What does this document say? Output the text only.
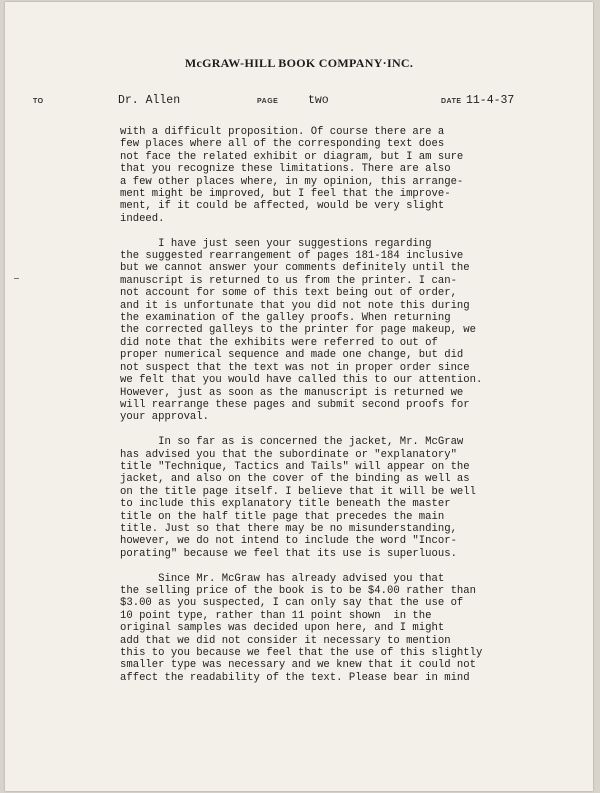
McGRAW-HILL BOOK COMPANY·INC.
TO	Dr. Allen	PAGE	two	DATE 11-4-37
with a difficult proposition. Of course there are a
few places where all of the corresponding text does
not face the related exhibit or diagram, but I am sure
that you recognize these limitations. There are also
a few other places where, in my opinion, this arrange-
ment might be improved, but I feel that the improve-
ment, if it could be affected, would be very slight
indeed.
I have just seen your suggestions regarding
the suggested rearrangement of pages 181-184 inclusive
but we cannot answer your comments definitely until the
manuscript is returned to us from the printer. I can-
not account for some of this text being out of order,
and it is unfortunate that you did not note this during
the examination of the galley proofs. When returning
the corrected galleys to the printer for page makeup, we
did note that the exhibits were referred to out of
proper numerical sequence and made one change, but did
not suspect that the text was not in proper order since
we felt that you would have called this to our attention.
However, just as soon as the manuscript is returned we
will rearrange these pages and submit second proofs for
your approval.
In so far as is concerned the jacket, Mr. McGraw
has advised you that the subordinate or "explanatory"
title "Technique, Tactics and Tails" will appear on the
jacket, and also on the cover of the binding as well as
on the title page itself. I believe that it will be well
to include this explanatory title beneath the master
title on the half title page that precedes the main
title. Just so that there may be no misunderstanding,
however, we do not intend to include the word "Incor-
porating" because we feel that its use is superluous.
Since Mr. McGraw has already advised you that
the selling price of the book is to be $4.00 rather than
$3.00 as you suspected, I can only say that the use of
10 point type, rather than 11 point shown  in the
original samples was decided upon here, and I might
add that we did not consider it necessary to mention
this to you because we feel that the use of this slightly
smaller type was necessary and we knew that it could not
affect the readability of the text. Please bear in mind
